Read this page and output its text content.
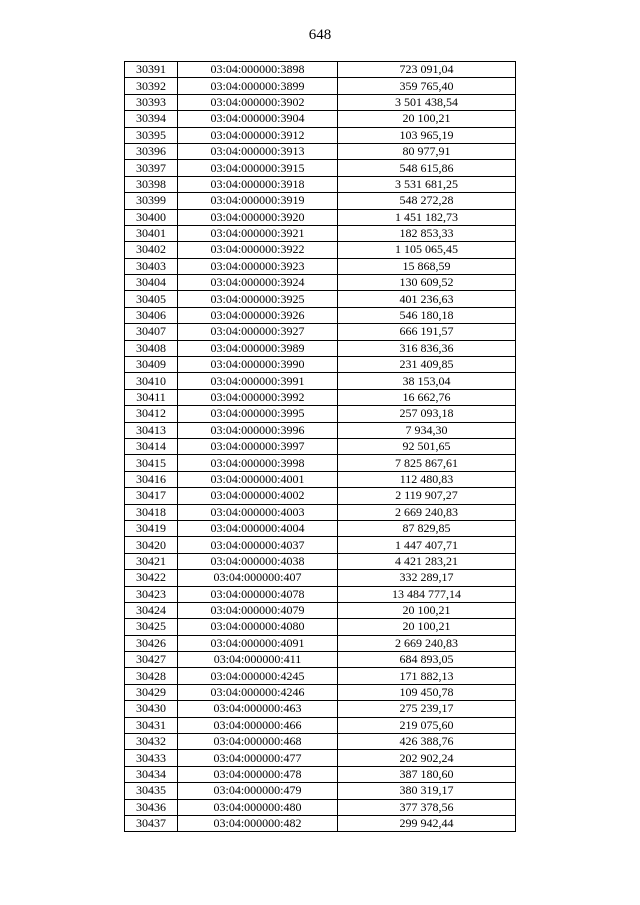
648
30391	03:04:000000:3898	723 091,04
30392	03:04:000000:3899	359 765,40
30393	03:04:000000:3902	3 501 438,54
30394	03:04:000000:3904	20 100,21
30395	03:04:000000:3912	103 965,19
30396	03:04:000000:3913	80 977,91
30397	03:04:000000:3915	548 615,86
30398	03:04:000000:3918	3 531 681,25
30399	03:04:000000:3919	548 272,28
30400	03:04:000000:3920	1 451 182,73
30401	03:04:000000:3921	182 853,33
30402	03:04:000000:3922	1 105 065,45
30403	03:04:000000:3923	15 868,59
30404	03:04:000000:3924	130 609,52
30405	03:04:000000:3925	401 236,63
30406	03:04:000000:3926	546 180,18
30407	03:04:000000:3927	666 191,57
30408	03:04:000000:3989	316 836,36
30409	03:04:000000:3990	231 409,85
30410	03:04:000000:3991	38 153,04
30411	03:04:000000:3992	16 662,76
30412	03:04:000000:3995	257 093,18
30413	03:04:000000:3996	7 934,30
30414	03:04:000000:3997	92 501,65
30415	03:04:000000:3998	7 825 867,61
30416	03:04:000000:4001	112 480,83
30417	03:04:000000:4002	2 119 907,27
30418	03:04:000000:4003	2 669 240,83
30419	03:04:000000:4004	87 829,85
30420	03:04:000000:4037	1 447 407,71
30421	03:04:000000:4038	4 421 283,21
30422	03:04:000000:407	332 289,17
30423	03:04:000000:4078	13 484 777,14
30424	03:04:000000:4079	20 100,21
30425	03:04:000000:4080	20 100,21
30426	03:04:000000:4091	2 669 240,83
30427	03:04:000000:411	684 893,05
30428	03:04:000000:4245	171 882,13
30429	03:04:000000:4246	109 450,78
30430	03:04:000000:463	275 239,17
30431	03:04:000000:466	219 075,60
30432	03:04:000000:468	426 388,76
30433	03:04:000000:477	202 902,24
30434	03:04:000000:478	387 180,60
30435	03:04:000000:479	380 319,17
30436	03:04:000000:480	377 378,56
30437	03:04:000000:482	299 942,44
